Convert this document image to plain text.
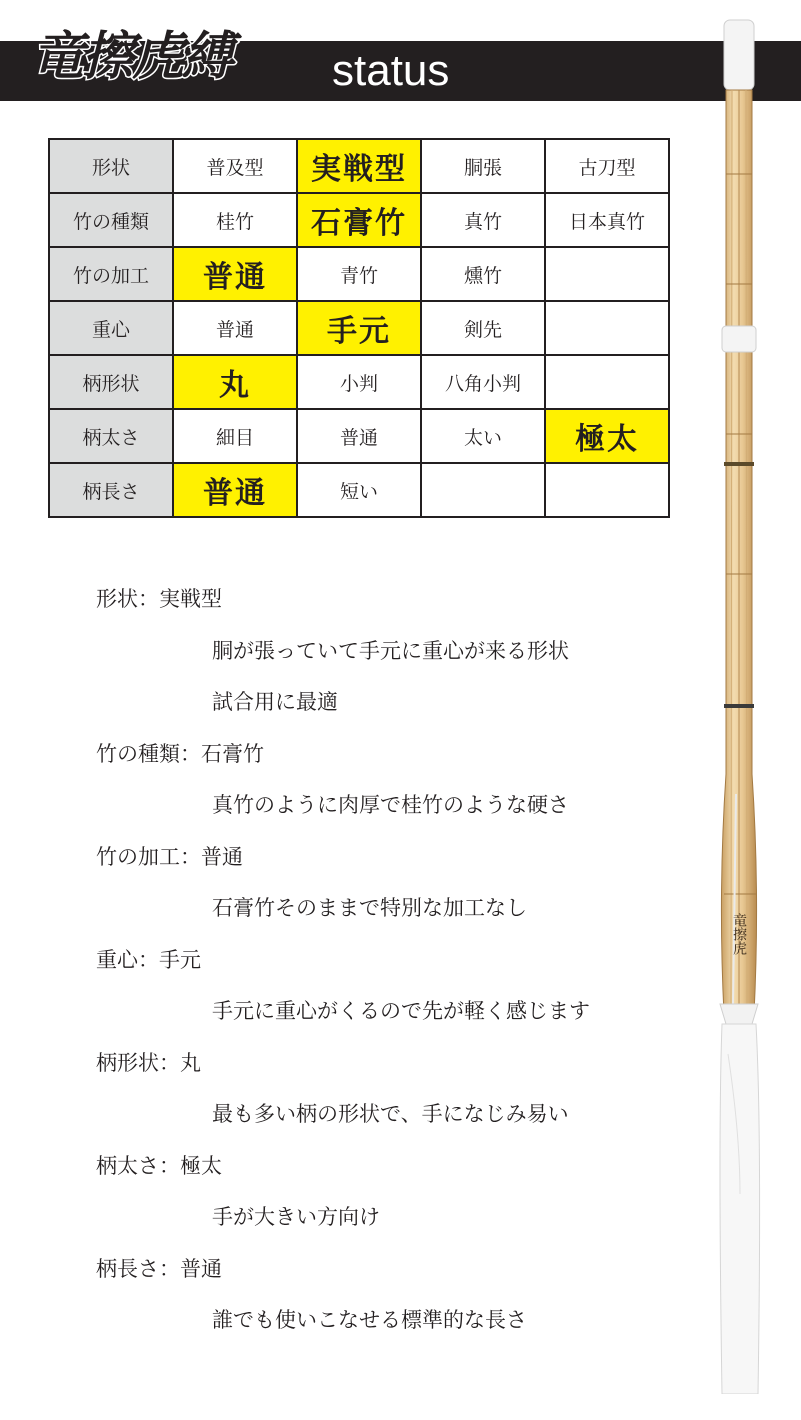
竜擦虎縛 status
形状	普及型	実戦型	胴張	古刀型
竹の種類	桂竹	石膏竹	真竹	日本真竹
竹の加工	普通	青竹	燻竹	
重心	普通	手元	剣先	
柄形状	丸	小判	八角小判	
柄太さ	細目	普通	太い	極太
柄長さ	普通	短い		
形状：実戦型
胴が張っていて手元に重心が来る形状
試合用に最適
竹の種類：石膏竹
真竹のように肉厚で桂竹のような硬さ
竹の加工：普通
石膏竹そのままで特別な加工なし
重心：手元
手元に重心がくるので先が軽く感じます
柄形状：丸
最も多い柄の形状で、手になじみ易い
柄太さ：極太
手が大きい方向け
柄長さ：普通
誰でも使いこなせる標準的な長さ
竜擦虎
